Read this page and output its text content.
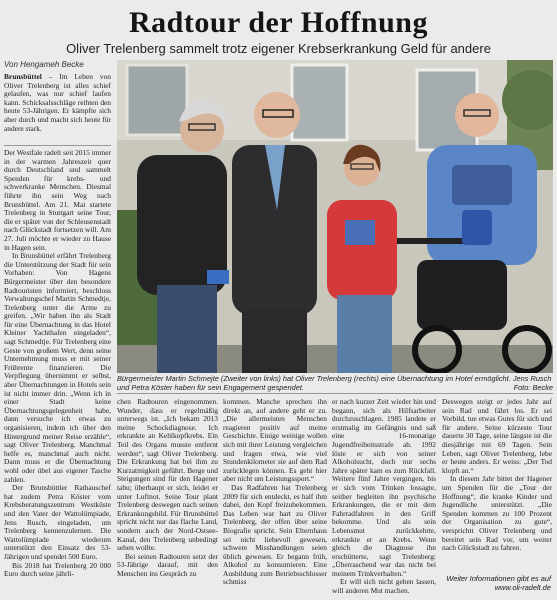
Radtour der Hoffnung
Oliver Trelenberg sammelt trotz eigener Krebserkrankung Geld für andere
Von Hengameh Becke

Brunsbüttel – Im Leben von Oliver Trelenberg ist alles schief gelaufen, was nur schief laufen kann. Schicksalsschläge reihten den heute 53-Jährigen. Er kämpfte sich aber durch und macht sich heute für andere stark.

Der Westfale radelt seit 2015 immer in der warmen Jahreszeit quer durch Deutschland und sammelt Spenden für krebs- und schwerkranke Menschen. Diesmal führte ihn sein Weg nach Brunsbüttel. Am 21. Mai startete Trelenberg in Stuttgart seine Tour, die er später von der Schleusenstadt nach Glückstadt fortsetzen will. Am 27. Juli möchte er wieder zu Hause in Hagen sein.

In Brunsbüttel erfährt Trelenberg die Unterstützung der Stadt für sein Vorhaben: Von Hagens Bürgermeister über den besondere Radtouristen informiert, beschloss Verwaltungschef Martin Schmedtje, Trelenberg unter die Arme zu greifen. „Wir haben ihn als Stadt für eine Übernachtung in das Hotel Kleiner Yachthafen eingeladen“, sagt Schmedtje. Für Trelenberg eine Geste von großem Wert, denn seine Unternehmung muss er mit seiner Frührente finanzieren. Die Verpflegung übernimmt er selbst, aber Übernachtungen in Hotels sein ist nicht immer drin. „Wenn ich in einer Stadt keine Übernachtungsgelegenheit habe, dann versuche ich etwas zu organisieren, indem ich über den Hintergrund meiner Reise erzähle“, sagt Oliver Trelenberg. Manchmal helfe es, manchmal auch nicht. Dann muss er die Übernachtung wohl oder übel aus eigener Tasche zahlen.

Der Brunsbüttler Rathauschef hat zudem Petra Köster vom Krebsberatungszentrum Westküste und den Vater der Wattolümpiade, Jens Rusch, eingeladen, um Trelenberg kennenzulernen. Die Wattolümpiade wiederum unterstützt den Einsatz des 53-Jährigen und spendet 500 Euro.

Bis 2018 hat Trelenberg 20 000 Euro durch seine jährli-

Bürgermeister Martin Schmejte (Zweiter von links) hat Oliver Trelenberg (rechts) eine Übernachtung im Hotel ermöglicht. Jens Rusch und Petra Köster haben für sein Engagement gespendet.	Foto: Becke

chen Radtouren eingenommen. Wunder, dass er regelmäßig unterwegs ist. „Ich bekam 2013 meine Schockdiagnose. Ich erkrankte an Kehlkopfkrebs. Ein Teil des Organs musste entfernt werden“, sagt Oliver Trelenberg. Die Erkrankung hat bei ihm zu Kurzatmigkeit geführt. Berge und Steigungen sind für den Hagener tabu; überhaupt er sich, leidet er unter Luftnot. Seine Tour plant Trelenberg deswegen nach seinen Erkrankungsbild. Für Brunsbüttel spricht nicht nur das flache Land, sondern auch der Nord-Ostsee-Kanal, den Trelenberg unbedingt sehen wollte.

Bei seinen Radtouren setzt der 53-Jährige darauf, mit den Menschen ins Gespräch zu

kommen. Manche sprechen ihn direkt an, auf andere geht er zu. „Die allermeisten Menschen reagieren positiv auf meine Geschichte. Einige weinige wollen sich mit ihrer Leistung vergleichen und fragen etwa, wie viel Stundenkilometer sie auf dem Rad zurücklegen können. Es geht hier aber nicht um Leistungssport.“

Das Radfahren hat Trelenberg 2009 für sich entdeckt, es half ihm dabei, den Kopf freizubekommen. Das Leben war hart zu Oliver Trelenberg, der offen über seine Biografie spricht. Sein Elternhaus sei nicht liebevoll gewesen, schwere Misshandlungen seien üblich gewesen. Er begann früh, Alkohol zu konsumieren. Eine Ausbildung zum Betriebsschlosser schmiss

er nach kurzer Zeit wieder hin und begann, sich als Hilfsarbeiter durchzuschlagen. 1985 landete er erstmalig im Gefängnis und saß eine 16-monatige Jugendfreiheitsstrafe ab. 1992 löste er sich von seiner Alkoholsucht, doch nur sechs Jahre später kam es zum Rückfall. Weitere fünf Jahre vergingen, bis er sich vom Trinken lossagte, seither begleiten ihn psychische Erkrankungen, die er mit dem Fahrradfahren in den Griff bekomme. Und als sein Lebensmut zurückkehrte, erkrankte er an Krebs. Wenn gleich die Diagnose ihn erschütterte, sagt Trelenberg: „Überraschend war das nicht bei meinem Trinkverhalten.“

Er will sich nicht gehen lassen, will anderen Mut machen.

Deswegen steigt er jedes Jahr auf sein Rad und fährt los. Er sei Vorbild, tue etwas Gutes für sich und für andere. Seine kürzeste Tour dauerte 30 Tage, seine längste ist die diesjährige mit 69 Tagen. Sein Leben, sagt Oliver Trelenberg, lebe er heute anders. Er weiss: „Der Tod klopft an.“

In diesem Jahr bittet der Hagener um Spenden für die „Tour der Hoffnung“, die kranke Kinder und Jugendliche unterstützt. „Die Spenden kommen zu 100 Prozent der Organisation zu gute“, versprichtt Oliver Trelenberg und bereitet sein Rad vor, um weiter nach Glückstadt zu fahren.

Weiter Informationen gibt es auf www.oli-radelt.de
